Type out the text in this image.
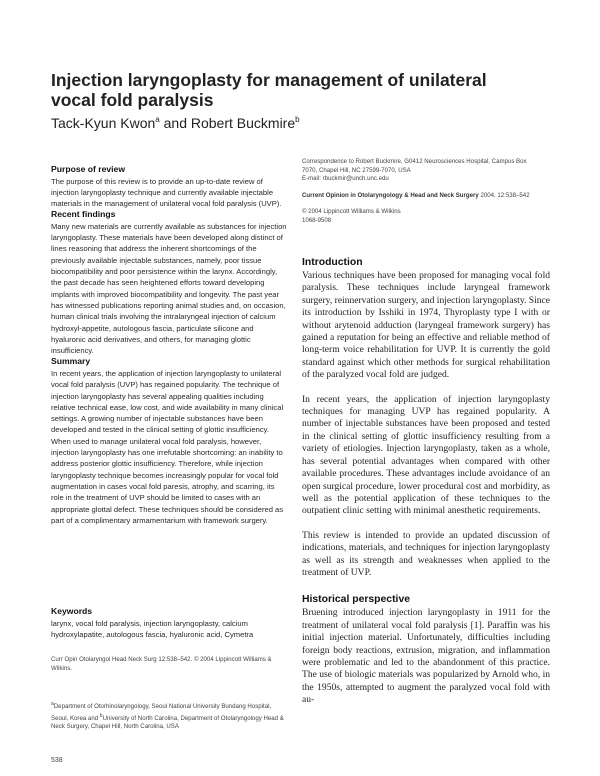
Injection laryngoplasty for management of unilateral
vocal fold paralysis
Tack-Kyun Kwon$^a$ and Robert Buckmire$^b$

Purpose of review

The purpose of this review is to provide an up-to-date review of injection laryngoplasty technique and currently available injectable materials in the management of unilateral vocal fold paralysis (UVP).

Recent findings

Many new materials are currently available as substances for injection laryngoplasty. These materials have been developed along distinct of lines reasoning that address the inherent shortcomings of the previously available injectable substances, namely, poor tissue biocompatibility and poor persistence within the larynx. Accordingly, the past decade has seen heightened efforts toward developing implants with improved biocompatibility and longevity. The past year has witnessed publications reporting animal studies and, on occasion, human clinical trials involving the intralaryngeal injection of calcium hydroxyl-appetite, autologous fascia, particulate silicone and hyaluronic acid derivatives, and others, for managing glottic insufficiency.

Summary

In recent years, the application of injection laryngoplasty to unilateral vocal fold paralysis (UVP) has regained popularity. The technique of injection laryngoplasty has several appealing qualities including relative technical ease, low cost, and wide availability in many clinical settings. A growing number of injectable substances have been developed and tested in the clinical setting of glottic insufficiency. When used to manage unilateral vocal fold paralysis, however, injection laryngoplasty has one irrefutable shortcoming: an inability to address posterior glottic insufficiency. Therefore, while injection laryngoplasty technique becomes increasingly popular for vocal fold augmentation in cases vocal fold paresis, atrophy, and scarring, its role in the treatment of UVP should be limited to cases with an appropriate glottal defect. These techniques should be considered as part of a complimentary armamentarium with framework surgery.

Keywords

larynx, vocal fold paralysis, injection laryngoplasty, calcium hydroxylapatite, autologous fascia, hyaluronic acid, Cymetra

Curr Opin Otolaryngol Head Neck Surg 12:538–542. © 2004 Lippincott Williams & Wilkins.
$^a$Department of Otorhinolaryngology, Seoul National University Bundang Hospital, Seoul, Korea and $^b$University of North Carolina, Department of Otolaryngology Head & Neck Surgery, Chapel Hill, North Carolina, USA
538

Correspondence to Robert Buckmire, G0412 Neurosciences Hospital, Campus Box 7070, Chapel Hill, NC 27599-7070, USA

E-mail: rbuckmir@unch.unc.edu

Current Opinion in Otolaryngology & Head and Neck Surgery 2004, 12:538–542

© 2004 Lippincott Williams & Wilkins

1068-9508

Introduction

Various techniques have been proposed for managing vocal fold paralysis. These techniques include laryngeal framework surgery, reinnervation surgery, and injection laryngoplasty. Since its introduction by Isshiki in 1974, Thyroplasty type I with or without arytenoid adduction (laryngeal framework surgery) has gained a reputation for being an effective and reliable method of long-term voice rehabilitation for UVP. It is currently the gold standard against which other methods for surgical rehabilitation of the paralyzed vocal fold are judged.

In recent years, the application of injection laryngoplasty techniques for managing UVP has regained popularity. A number of injectable substances have been proposed and tested in the clinical setting of glottic insufficiency resulting from a variety of etiologies. Injection laryngoplasty, taken as a whole, has several potential advantages when compared with other available procedures. These advantages include avoidance of an open surgical procedure, lower procedural cost and morbidity, as well as the potential application of these techniques to the outpatient clinic setting with minimal anesthetic requirements.

This review is intended to provide an updated discussion of indications, materials, and techniques for injection laryngoplasty as well as its strength and weaknesses when applied to the treatment of UVP.

Historical perspective

Bruening introduced injection laryngoplasty in 1911 for the treatment of unilateral vocal fold paralysis [1]. Paraffin was his initial injection material. Unfortunately, difficulties including foreign body reactions, extrusion, migration, and inflammation were problematic and led to the abandonment of this practice. The use of biologic materials was popularized by Arnold who, in the 1950s, attempted to augment the paralyzed vocal fold with au-
